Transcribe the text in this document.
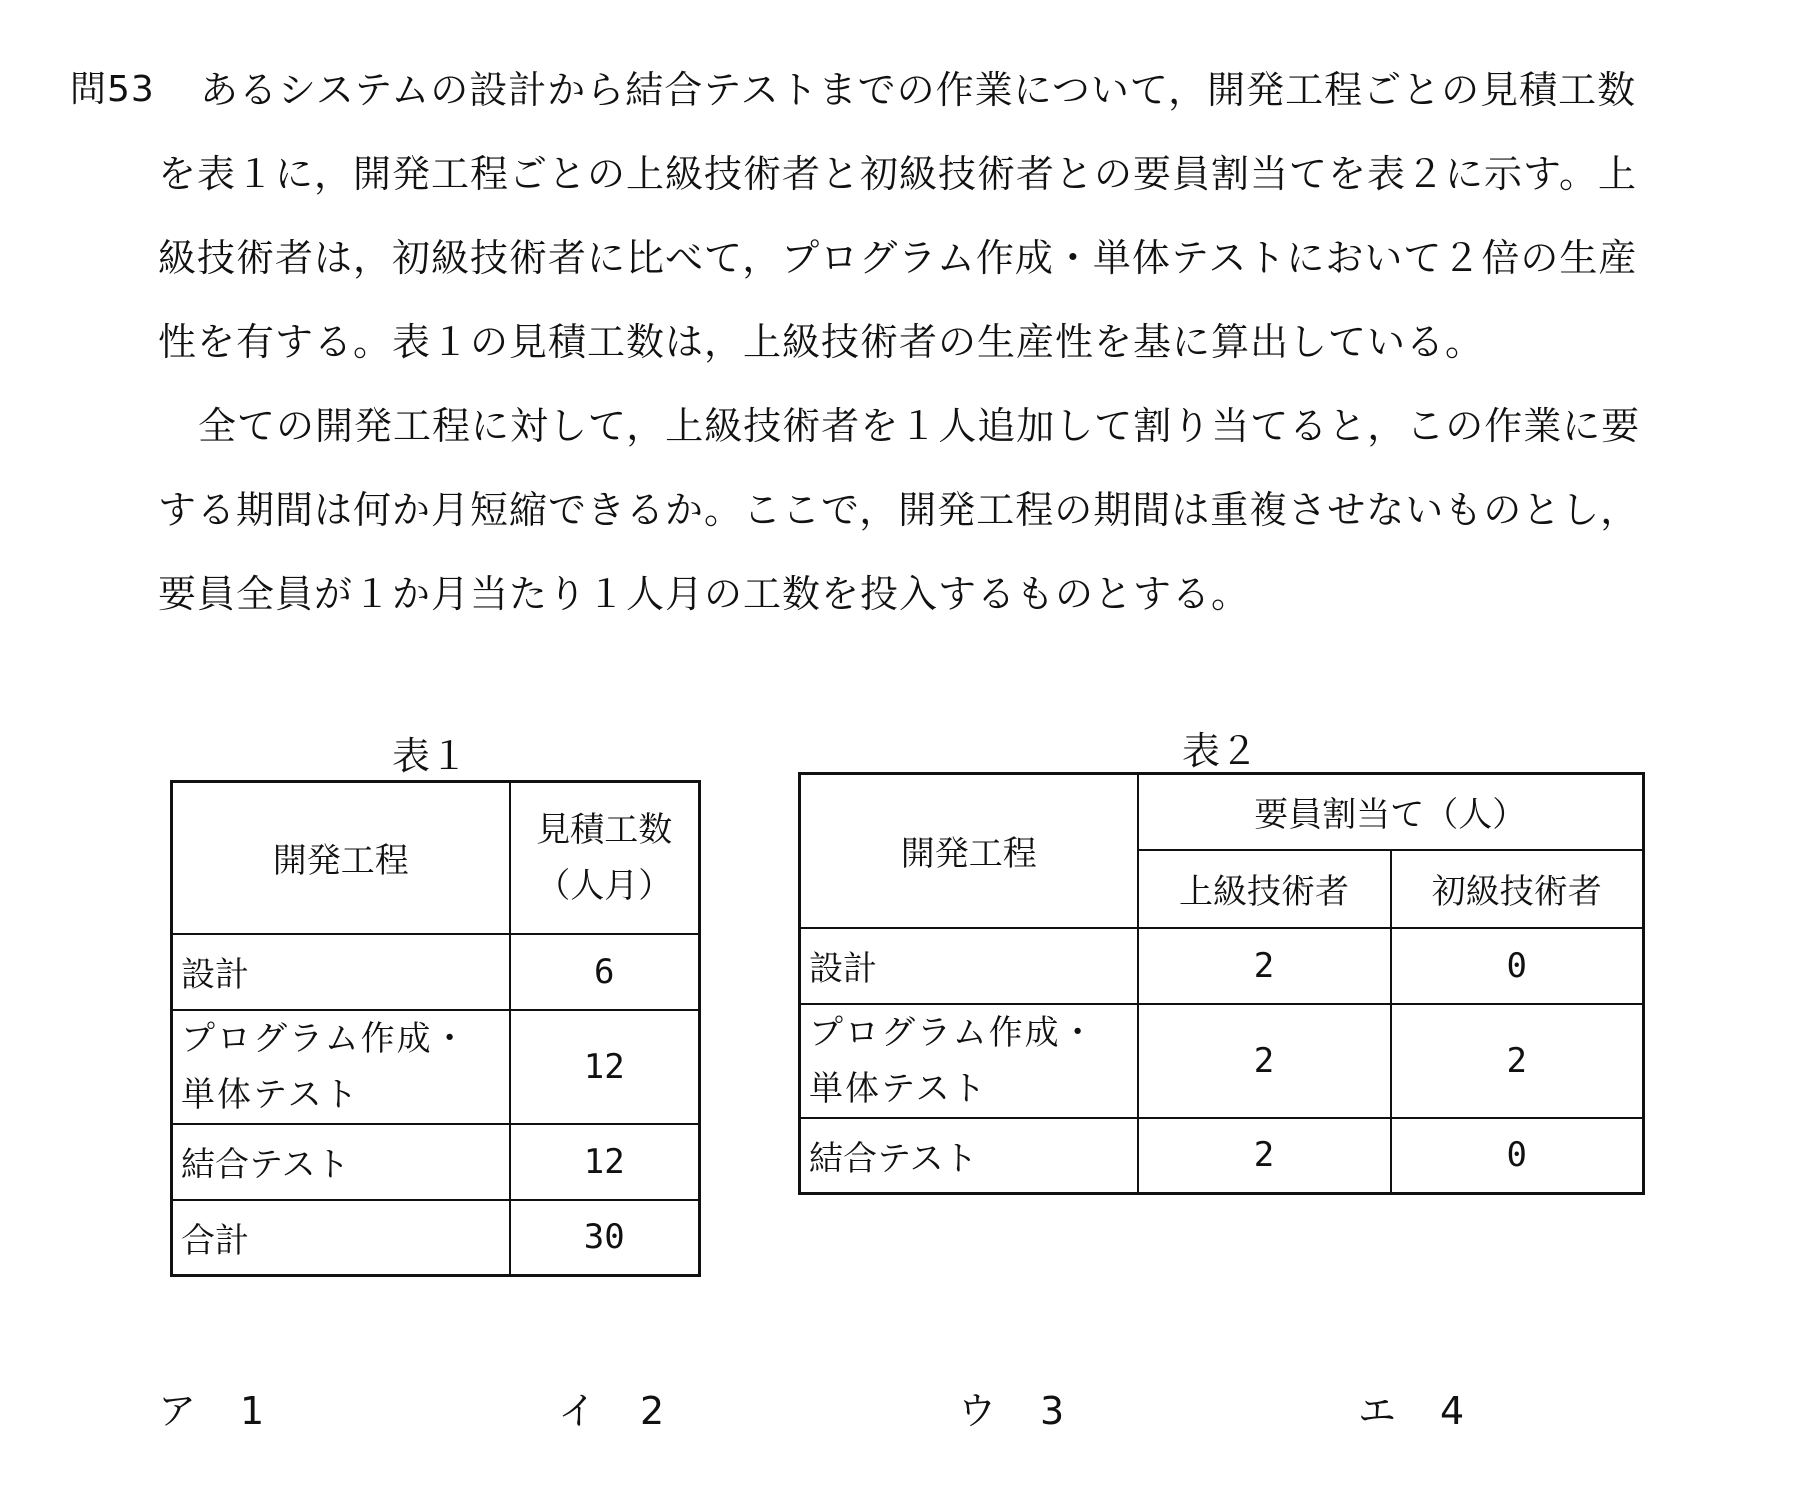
問53 あるシステムの設計から結合テストまでの作業について，開発工程ごとの見積工数
を表１に，開発工程ごとの上級技術者と初級技術者との要員割当てを表２に示す。上
級技術者は，初級技術者に比べて，プログラム作成・単体テストにおいて２倍の生産
性を有する。表１の見積工数は，上級技術者の生産性を基に算出している。
全ての開発工程に対して，上級技術者を１人追加して割り当てると，この作業に要
する期間は何か月短縮できるか。ここで，開発工程の期間は重複させないものとし，
要員全員が１か月当たり１人月の工数を投入するものとする。
表１
開発工程	見積工数
（人月）

設計	6

プログラム作成・
単体テスト	12
結合テスト	12
合計	30
表２
開発工程	要員割当て（人）	
	上級技術者	初級技術者
設計	2	0

プログラム作成・
単体テスト	2	2
結合テスト	2	0
ア 1	イ 2	ウ 3	エ 4
